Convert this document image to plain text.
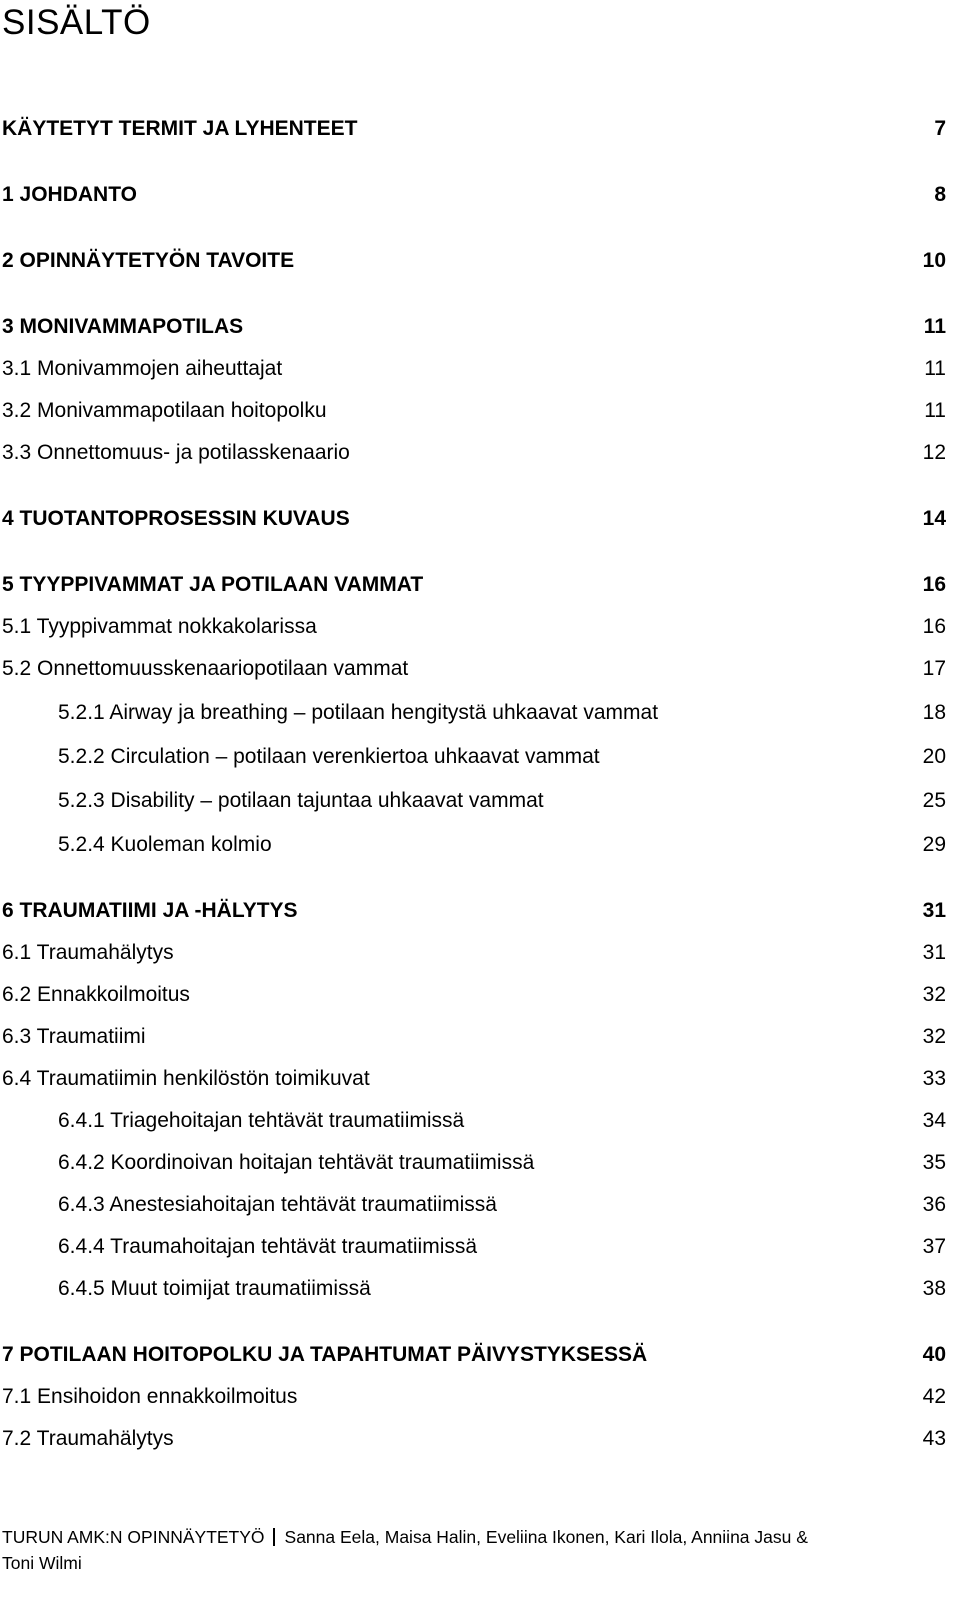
SISÄLTÖ
KÄYTETYT TERMIT JA LYHENTEET	7
1 JOHDANTO	8
2 OPINNÄYTETYÖN TAVOITE	10
3 MONIVAMMAPOTILAS	11
3.1 Monivammojen aiheuttajat	11
3.2 Monivammapotilaan hoitopolku	11
3.3 Onnettomuus- ja potilasskenaario	12
4 TUOTANTOPROSESSIN KUVAUS	14
5 TYYPPIVAMMAT JA POTILAAN VAMMAT	16
5.1 Tyyppivammat nokkakolarissa	16
5.2 Onnettomuusskenaariopotilaan vammat	17
5.2.1 Airway ja breathing – potilaan hengitystä uhkaavat vammat	18
5.2.2 Circulation – potilaan verenkiertoa uhkaavat vammat	20
5.2.3 Disability – potilaan tajuntaa uhkaavat vammat	25
5.2.4 Kuoleman kolmio	29
6 TRAUMATIIMI JA -HÄLYTYS	31
6.1 Traumahälytys	31
6.2 Ennakkoilmoitus	32
6.3 Traumatiimi	32
6.4 Traumatiimin henkilöstön toimikuvat	33
6.4.1 Triagehoitajan tehtävät traumatiimissä	34
6.4.2 Koordinoivan hoitajan tehtävät traumatiimissä	35
6.4.3 Anestesiahoitajan tehtävät traumatiimissä	36
6.4.4 Traumahoitajan tehtävät traumatiimissä	37
6.4.5 Muut toimijat traumatiimissä	38
7 POTILAAN HOITOPOLKU JA TAPAHTUMAT PÄIVYSTYKSESSÄ	40
7.1 Ensihoidon ennakkoilmoitus	42
7.2 Traumahälytys	43
TURUN AMK:N OPINNÄYTETYÖ Sanna Eela, Maisa Halin, Eveliina Ikonen, Kari Ilola, Anniina Jasu &
Toni Wilmi
